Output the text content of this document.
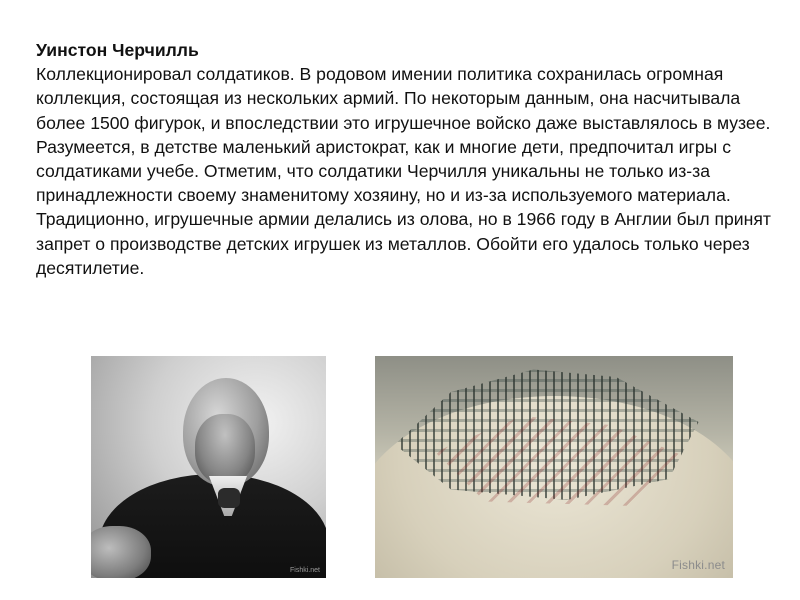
Уинстон Черчилль

Коллекционировал солдатиков. В родовом имении политика сохранилась огромная коллекция, состоящая из нескольких армий. По некоторым данным, она насчитывала более 1500 фигурок, и впоследствии это игрушечное войско даже выставлялось в музее. Разумеется, в детстве маленький аристократ, как и многие дети, предпочитал игры с солдатиками учебе. Отметим, что солдатики Черчилля уникальны не только из-за принадлежности своему знаменитому хозяину, но и из-за используемого материала. Традиционно, игрушечные армии делались из олова, но в 1966 году в Англии был принят запрет о производстве детских игрушек из металлов. Обойти его удалось только через десятилетие.

Fishki.net	Fishki.net
